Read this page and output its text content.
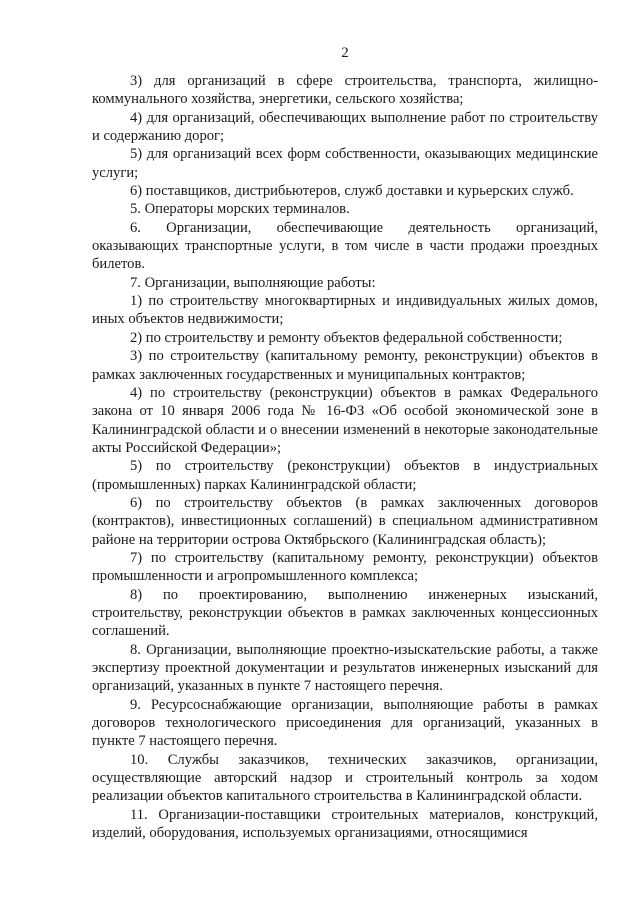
2

3) для организаций в сфере строительства, транспорта, жилищно-коммунального хозяйства, энергетики, сельского хозяйства;

4) для организаций, обеспечивающих выполнение работ по строительству и содержанию дорог;

5) для организаций всех форм собственности, оказывающих медицинские услуги;

6) поставщиков, дистрибьютеров, служб доставки и курьерских служб.

5. Операторы морских терминалов.

6. Организации, обеспечивающие деятельность организаций, оказывающих транспортные услуги, в том числе в части продажи проездных билетов.

7. Организации, выполняющие работы:

1) по строительству многоквартирных и индивидуальных жилых домов, иных объектов недвижимости;

2) по строительству и ремонту объектов федеральной собственности;

3) по строительству (капитальному ремонту, реконструкции) объектов в рамках заключенных государственных и муниципальных контрактов;

4) по строительству (реконструкции) объектов в рамках Федерального закона от 10 января 2006 года № 16-ФЗ «Об особой экономической зоне в Калининградской области и о внесении изменений в некоторые законодательные акты Российской Федерации»;

5) по строительству (реконструкции) объектов в индустриальных (промышленных) парках Калининградской области;

6) по строительству объектов (в рамках заключенных договоров (контрактов), инвестиционных соглашений) в специальном административном районе на территории острова Октябрьского (Калининградская область);

7) по строительству (капитальному ремонту, реконструкции) объектов промышленности и агропромышленного комплекса;

8) по проектированию, выполнению инженерных изысканий, строительству, реконструкции объектов в рамках заключенных концессионных соглашений.

8. Организации, выполняющие проектно-изыскательские работы, а также экспертизу проектной документации и результатов инженерных изысканий для организаций, указанных в пункте 7 настоящего перечня.

9. Ресурсоснабжающие организации, выполняющие работы в рамках договоров технологического присоединения для организаций, указанных в пункте 7 настоящего перечня.

10. Службы заказчиков, технических заказчиков, организации, осуществляющие авторский надзор и строительный контроль за ходом реализации объектов капитального строительства в Калининградской области.

11. Организации-поставщики строительных материалов, конструкций, изделий, оборудования, используемых организациями, относящимися
